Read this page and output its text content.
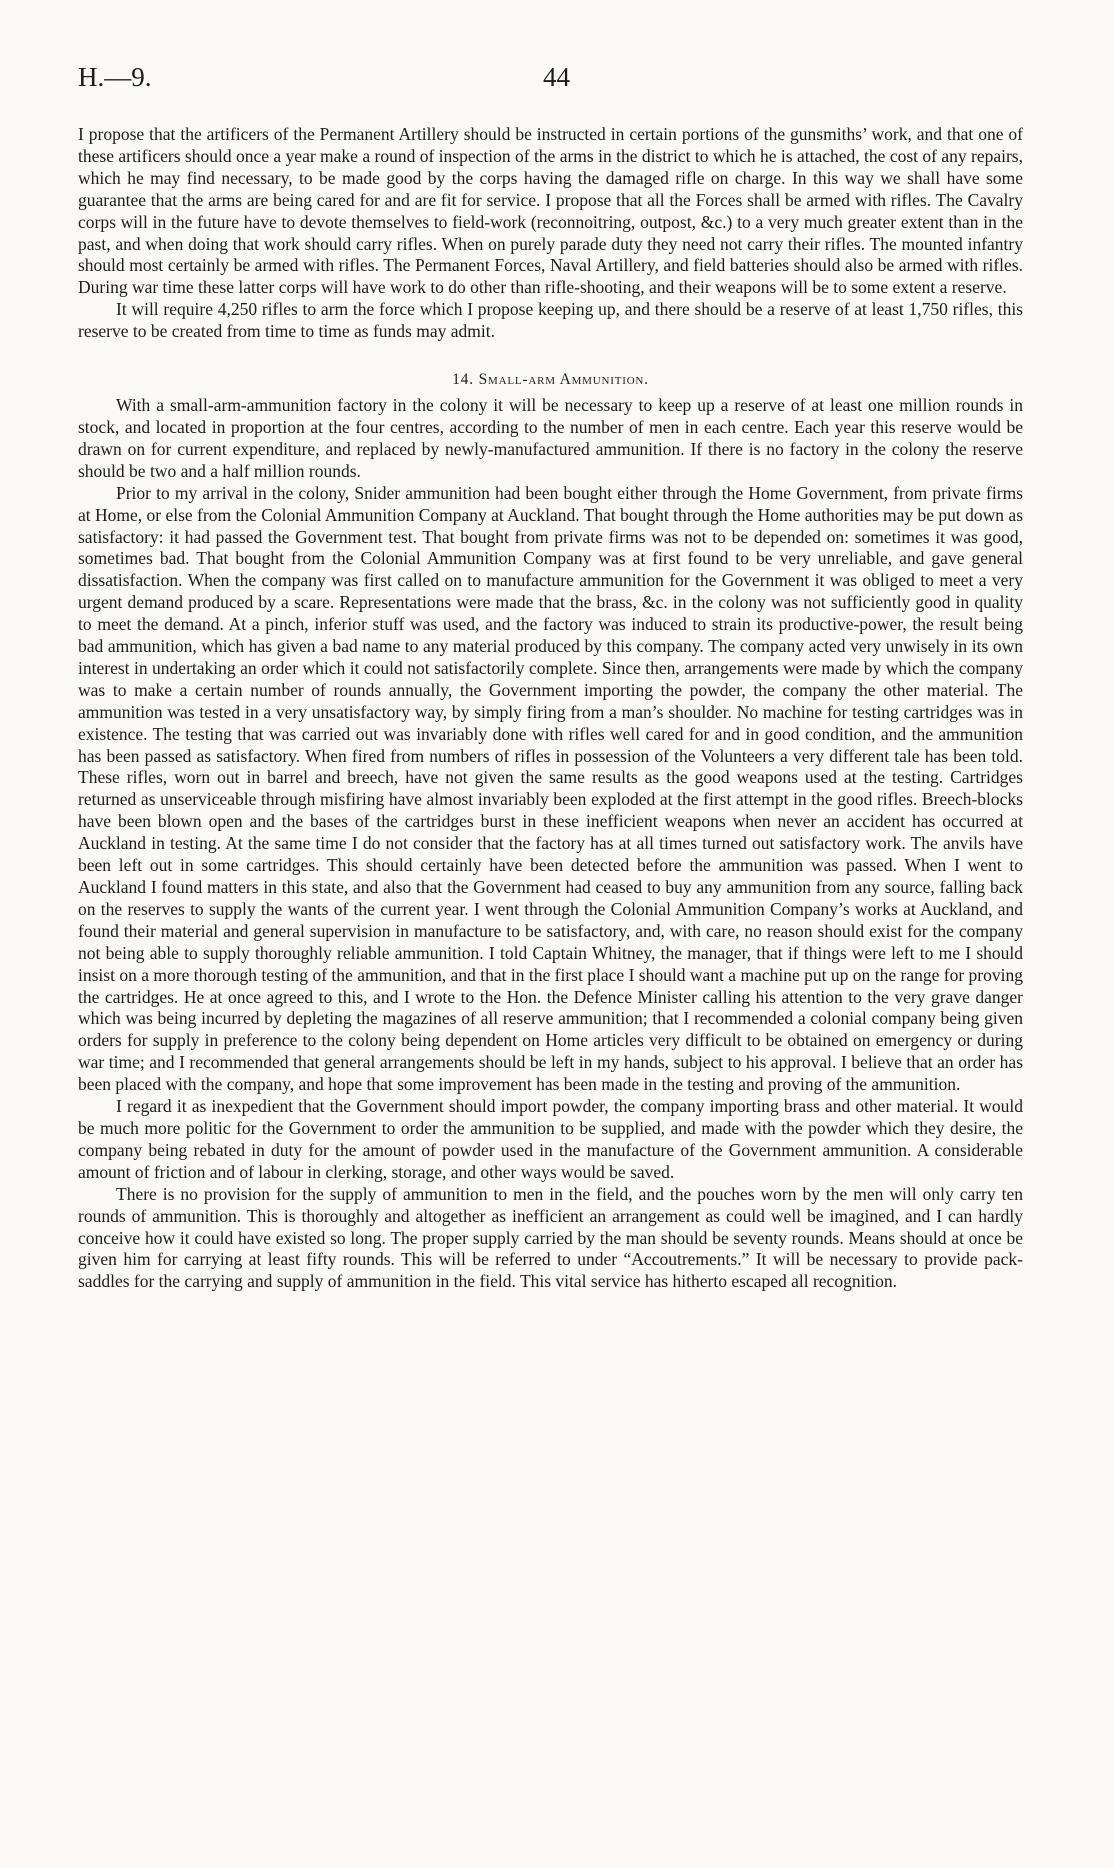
H.—9.	44

I propose that the artificers of the Permanent Artillery should be instructed in certain portions of the gunsmiths’ work, and that one of these artificers should once a year make a round of inspection of the arms in the district to which he is attached, the cost of any repairs, which he may find necessary, to be made good by the corps having the damaged rifle on charge. In this way we shall have some guarantee that the arms are being cared for and are fit for service. I propose that all the Forces shall be armed with rifles. The Cavalry corps will in the future have to devote themselves to field-work (reconnoitring, outpost, &c.) to a very much greater extent than in the past, and when doing that work should carry rifles. When on purely parade duty they need not carry their rifles. The mounted infantry should most certainly be armed with rifles. The Permanent Forces, Naval Artillery, and field batteries should also be armed with rifles. During war time these latter corps will have work to do other than rifle-shooting, and their weapons will be to some extent a reserve.

It will require 4,250 rifles to arm the force which I propose keeping up, and there should be a reserve of at least 1,750 rifles, this reserve to be created from time to time as funds may admit.

14. Small-arm Ammunition.

With a small-arm-ammunition factory in the colony it will be necessary to keep up a reserve of at least one million rounds in stock, and located in proportion at the four centres, according to the number of men in each centre. Each year this reserve would be drawn on for current expenditure, and replaced by newly-manufactured ammunition. If there is no factory in the colony the reserve should be two and a half million rounds.

Prior to my arrival in the colony, Snider ammunition had been bought either through the Home Government, from private firms at Home, or else from the Colonial Ammunition Company at Auckland. That bought through the Home authorities may be put down as satisfactory: it had passed the Government test. That bought from private firms was not to be depended on: sometimes it was good, sometimes bad. That bought from the Colonial Ammunition Company was at first found to be very unreliable, and gave general dissatisfaction. When the company was first called on to manufacture ammunition for the Government it was obliged to meet a very urgent demand produced by a scare. Representations were made that the brass, &c. in the colony was not sufficiently good in quality to meet the demand. At a pinch, inferior stuff was used, and the factory was induced to strain its productive-power, the result being bad ammunition, which has given a bad name to any material produced by this company. The company acted very unwisely in its own interest in undertaking an order which it could not satisfactorily complete. Since then, arrangements were made by which the company was to make a certain number of rounds annually, the Government importing the powder, the company the other material. The ammunition was tested in a very unsatisfactory way, by simply firing from a man’s shoulder. No machine for testing cartridges was in existence. The testing that was carried out was invariably done with rifles well cared for and in good condition, and the ammunition has been passed as satisfactory. When fired from numbers of rifles in possession of the Volunteers a very different tale has been told. These rifles, worn out in barrel and breech, have not given the same results as the good weapons used at the testing. Cartridges returned as unserviceable through misfiring have almost invariably been exploded at the first attempt in the good rifles. Breech-blocks have been blown open and the bases of the cartridges burst in these inefficient weapons when never an accident has occurred at Auckland in testing. At the same time I do not consider that the factory has at all times turned out satisfactory work. The anvils have been left out in some cartridges. This should certainly have been detected before the ammunition was passed. When I went to Auckland I found matters in this state, and also that the Government had ceased to buy any ammunition from any source, falling back on the reserves to supply the wants of the current year. I went through the Colonial Ammunition Company’s works at Auckland, and found their material and general supervision in manufacture to be satisfactory, and, with care, no reason should exist for the company not being able to supply thoroughly reliable ammunition. I told Captain Whitney, the manager, that if things were left to me I should insist on a more thorough testing of the ammunition, and that in the first place I should want a machine put up on the range for proving the cartridges. He at once agreed to this, and I wrote to the Hon. the Defence Minister calling his attention to the very grave danger which was being incurred by depleting the magazines of all reserve ammunition; that I recommended a colonial company being given orders for supply in preference to the colony being dependent on Home articles very difficult to be obtained on emergency or during war time; and I recommended that general arrangements should be left in my hands, subject to his approval. I believe that an order has been placed with the company, and hope that some improvement has been made in the testing and proving of the ammunition.

I regard it as inexpedient that the Government should import powder, the company importing brass and other material. It would be much more politic for the Government to order the ammunition to be supplied, and made with the powder which they desire, the company being rebated in duty for the amount of powder used in the manufacture of the Government ammunition. A considerable amount of friction and of labour in clerking, storage, and other ways would be saved.

There is no provision for the supply of ammunition to men in the field, and the pouches worn by the men will only carry ten rounds of ammunition. This is thoroughly and altogether as inefficient an arrangement as could well be imagined, and I can hardly conceive how it could have existed so long. The proper supply carried by the man should be seventy rounds. Means should at once be given him for carrying at least fifty rounds. This will be referred to under “Accoutrements.” It will be necessary to provide pack-saddles for the carrying and supply of ammunition in the field. This vital service has hitherto escaped all recognition.
